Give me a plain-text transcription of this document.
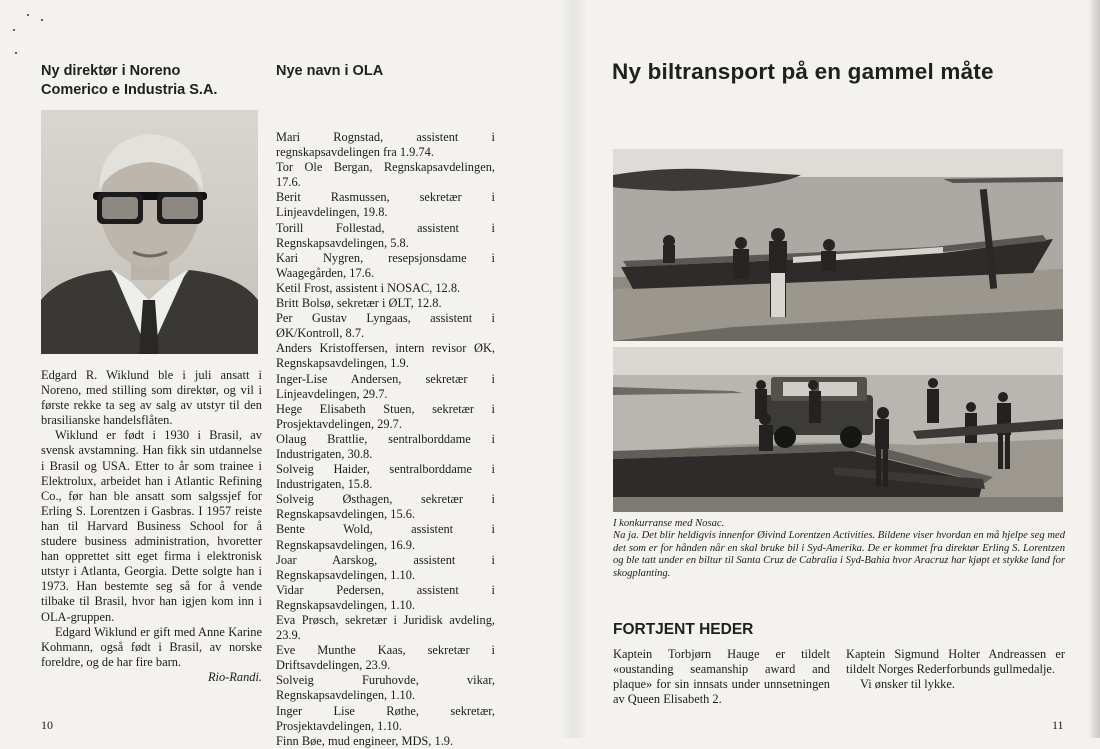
Ny direktør i Noreno
Comerico e Industria S.A.

Edgard R. Wiklund ble i juli ansatt i Noreno, med stilling som direktør, og vil i første rekke ta seg av salg av utstyr til den brasilianske handelsflåten.

Wiklund er født i 1930 i Brasil, av svensk avstamning. Han fikk sin utdannelse i Brasil og USA. Etter to år som trainee i Elektrolux, arbeidet han i Atlantic Refining Co., før han ble ansatt som salgssjef for Erling S. Lorentzen i Gasbras. I 1957 reiste han til Harvard Business School for å studere business administration, hvoretter han opprettet sitt eget firma i elektronisk utstyr i Atlanta, Georgia. Dette solgte han i 1973. Han bestemte seg så for å vende tilbake til Brasil, hvor han igjen kom inn i OLA-gruppen.

Edgard Wiklund er gift med Anne Karine Kohmann, også født i Brasil, av norske foreldre, og de har fire barn.

Rio-Randi.

Nye navn i OLA

Mari Rognstad, assistent i regnskapsavdelingen fra 1.9.74.

Tor Ole Bergan, Regnskapsavdelingen, 17.6.

Berit Rasmussen, sekretær i Linjeavdelingen, 19.8.

Torill Follestad, assistent i Regnskapsavdelingen, 5.8.

Kari Nygren, resepsjonsdame i Waagegården, 17.6.

Ketil Frost, assistent i NOSAC, 12.8.

Britt Bolsø, sekretær i ØLT, 12.8.

Per Gustav Lyngaas, assistent i ØK/Kontroll, 8.7.

Anders Kristoffersen, intern revisor ØK, Regnskapsavdelingen, 1.9.

Inger-Lise Andersen, sekretær i Linjeavdelingen, 29.7.

Hege Elisabeth Stuen, sekretær i Prosjektavdelingen, 29.7.

Olaug Brattlie, sentralborddame i Industrigaten, 30.8.

Solveig Haider, sentralborddame i Industrigaten, 15.8.

Solveig Østhagen, sekretær i Regnskapsavdelingen, 15.6.

Bente Wold, assistent i Regnskapsavdelingen, 16.9.

Joar Aarskog, assistent i Regnskapsavdelingen, 1.10.

Vidar Pedersen, assistent i Regnskapsavdelingen, 1.10.

Eva Prøsch, sekretær i Juridisk avdeling, 23.9.

Eve Munthe Kaas, sekretær i Driftsavdelingen, 23.9.

Solveig Furuhovde, vikar, Regnskapsavdelingen, 1.10.

Inger Lise Røthe, sekretær, Prosjektavdelingen, 1.10.

Finn Bøe, mud engineer, MDS, 1.9.

10
Ny biltransport på en gammel måte

I konkurranse med Nosac.

Na ja. Det blir heldigvis innenfor Øivind Lorentzen Activities. Bildene viser hvordan en må hjelpe seg med det som er for hånden når en skal bruke bil i Syd-Amerika. De er kommet fra direktør Erling S. Lorentzen og ble tatt under en biltur til Santa Cruz de Cabralia i Syd-Bahia hvor Aracruz har kjøpt et stykke land for skogplanting.

FORTJENT HEDER

Kaptein Torbjørn Hauge er tildelt «oustanding seamanship award and plaque» for sin innsats under unnsetningen av Queen Elisabeth 2.

Kaptein Sigmund Holter Andreassen er tildelt Norges Rederforbunds gullmedalje.

Vi ønsker til lykke.

11
